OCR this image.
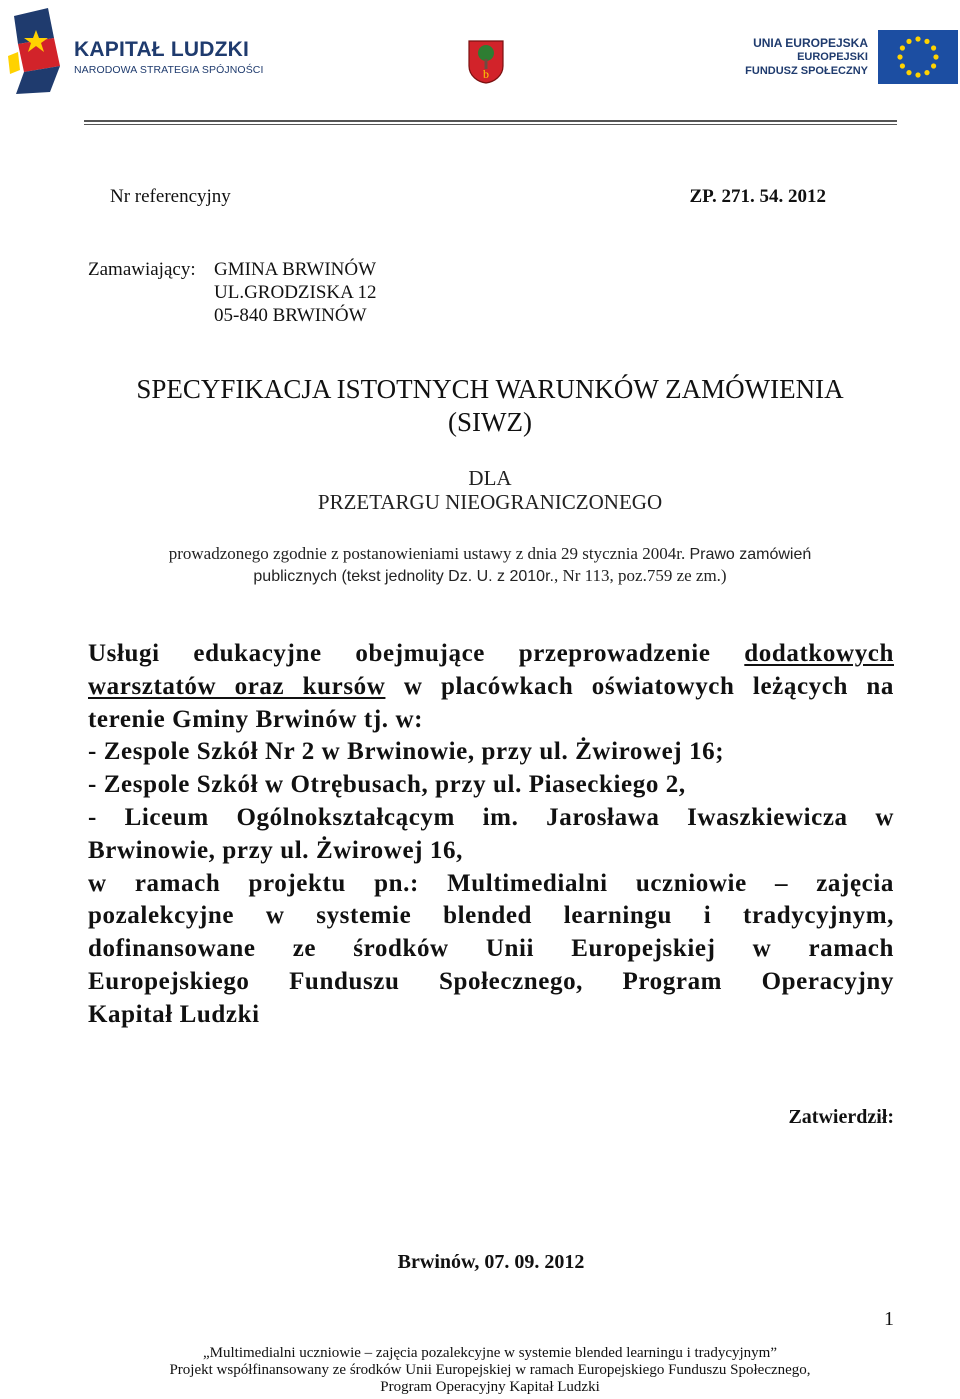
KAPITAŁ LUDZKI
NARODOWA STRATEGIA SPÓJNOŚCI	b
UNIA EUROPEJSKA
EUROPEJSKI
FUNDUSZ SPOŁECZNY
Nr referencyjny	ZP. 271. 54. 2012
Zamawiający: GMINA BRWINÓW
UL.GRODZISKA 12
05-840 BRWINÓW
SPECYFIKACJA ISTOTNYCH WARUNKÓW ZAMÓWIENIA
(SIWZ)
DLA
PRZETARGU NIEOGRANICZONEGO
prowadzonego zgodnie z postanowieniami ustawy z dnia 29 stycznia 2004r. Prawo zamówień
publicznych (tekst jednolity Dz. U. z 2010r., Nr 113, poz.759 ze zm.)
Usługi edukacyjne obejmujące przeprowadzenie dodatkowych
warsztatów oraz kursów w placówkach oświatowych leżących na
terenie Gminy Brwinów tj. w:
- Zespole Szkół Nr 2 w Brwinowie, przy ul. Żwirowej 16;
- Zespole Szkół w Otrębusach, przy ul. Piaseckiego 2,
- Liceum Ogólnokształcącym im. Jarosława Iwaszkiewicza w
Brwinowie, przy ul. Żwirowej 16,
w ramach projektu pn.: Multimedialni uczniowie – zajęcia
pozalekcyjne w systemie blended learningu i tradycyjnym,
dofinansowane ze środków Unii Europejskiej w ramach
Europejskiego Funduszu Społecznego, Program Operacyjny
Kapitał Ludzki
Zatwierdził:
Brwinów, 07. 09. 2012
1
„Multimedialni uczniowie – zajęcia pozalekcyjne w systemie blended learningu i tradycyjnym”
Projekt współfinansowany ze środków Unii Europejskiej w ramach Europejskiego Funduszu Społecznego,
Program Operacyjny Kapitał Ludzki
